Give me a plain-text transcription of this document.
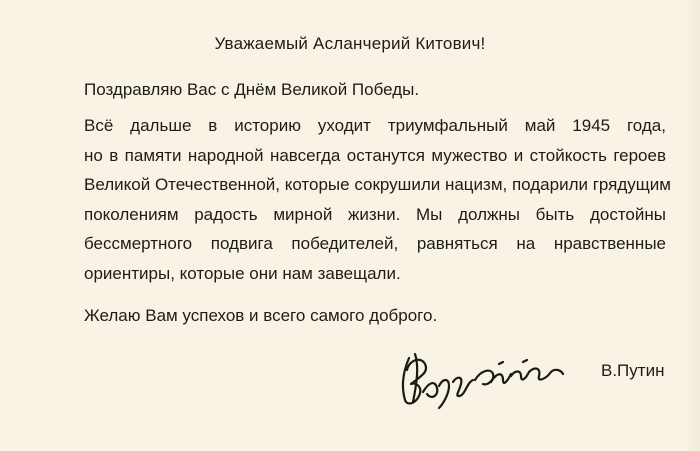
Уважаемый Асланчерий Китович!

Поздравляю Вас с Днём Великой Победы.

Всё дальше в историю уходит триумфальный май 1945 года,
но в памяти народной навсегда останутся мужество и стойкость героев
Великой Отечественной, которые сокрушили нацизм, подарили грядущим
поколениям радость мирной жизни. Мы должны быть достойны
бессмертного подвига победителей, равняться на нравственные
ориентиры, которые они нам завещали.

Желаю Вам успехов и всего самого доброго.

В.Путин
